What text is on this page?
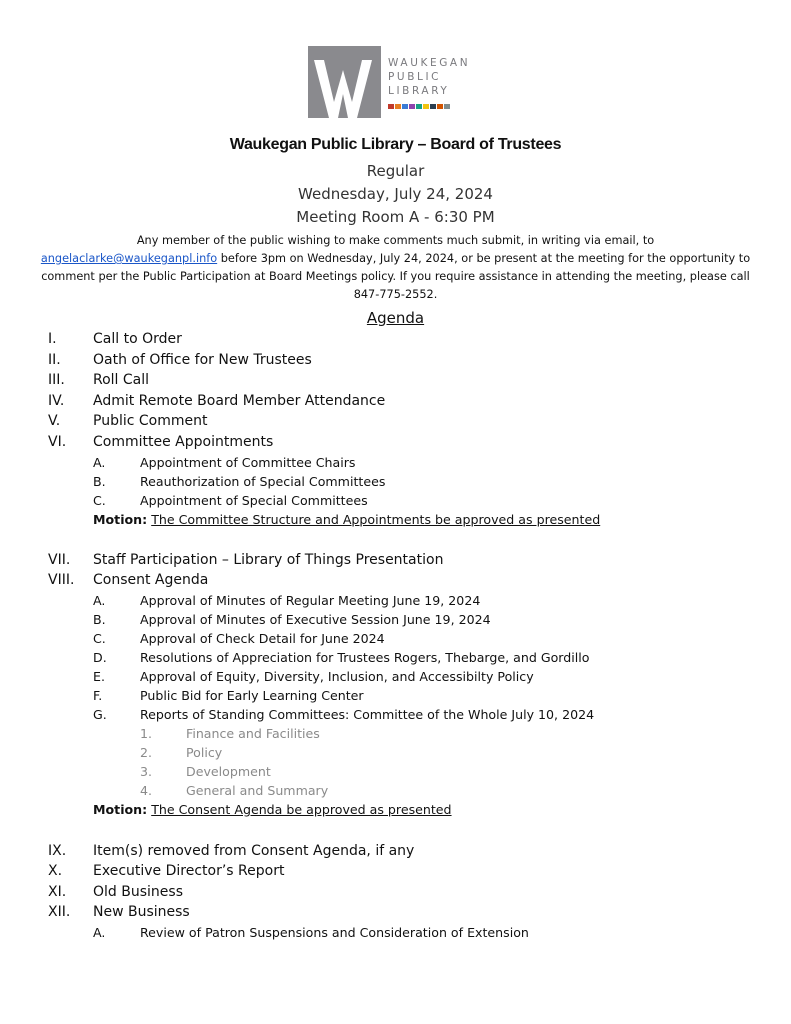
WAUKEGAN
PUBLIC
LIBRARY
Waukegan Public Library – Board of Trustees
Regular
Wednesday, July 24, 2024
Meeting Room A - 6:30 PM
Any member of the public wishing to make comments much submit, in writing via email, to
angelaclarke@waukeganpl.info before 3pm on Wednesday, July 24, 2024, or be present at the meeting for the opportunity to comment per the Public Participation at Board Meetings policy. If you require assistance in attending the meeting, please call 847-775-2552.
Agenda
I.	Call to Order
II. Oath of Office for New Trustees
III. Roll Call
IV. Admit Remote Board Member Attendance
V. Public Comment
VI. Committee Appointments
A.	Appointment of Committee Chairs
B.	Reauthorization of Special Committees
C.	Appointment of Special Committees
Motion: The Committee Structure and Appointments be approved as presented
VII. Staff Participation – Library of Things Presentation
VIII. Consent Agenda
A.	Approval of Minutes of Regular Meeting June 19, 2024
B.	Approval of Minutes of Executive Session June 19, 2024
C.	Approval of Check Detail for June 2024
D.	Resolutions of Appreciation for Trustees Rogers, Thebarge, and Gordillo
E.	Approval of Equity, Diversity, Inclusion, and Accessibilty Policy
F.	Public Bid for Early Learning Center
G.	Reports of Standing Committees: Committee of the Whole July 10, 2024
1.	Finance and Facilities
2.	Policy
3.	Development
4.	General and Summary
Motion: The Consent Agenda be approved as presented
IX. Item(s) removed from Consent Agenda, if any
X. Executive Director’s Report
XI. Old Business
XII. New Business
A.	Review of Patron Suspensions and Consideration of Extension
